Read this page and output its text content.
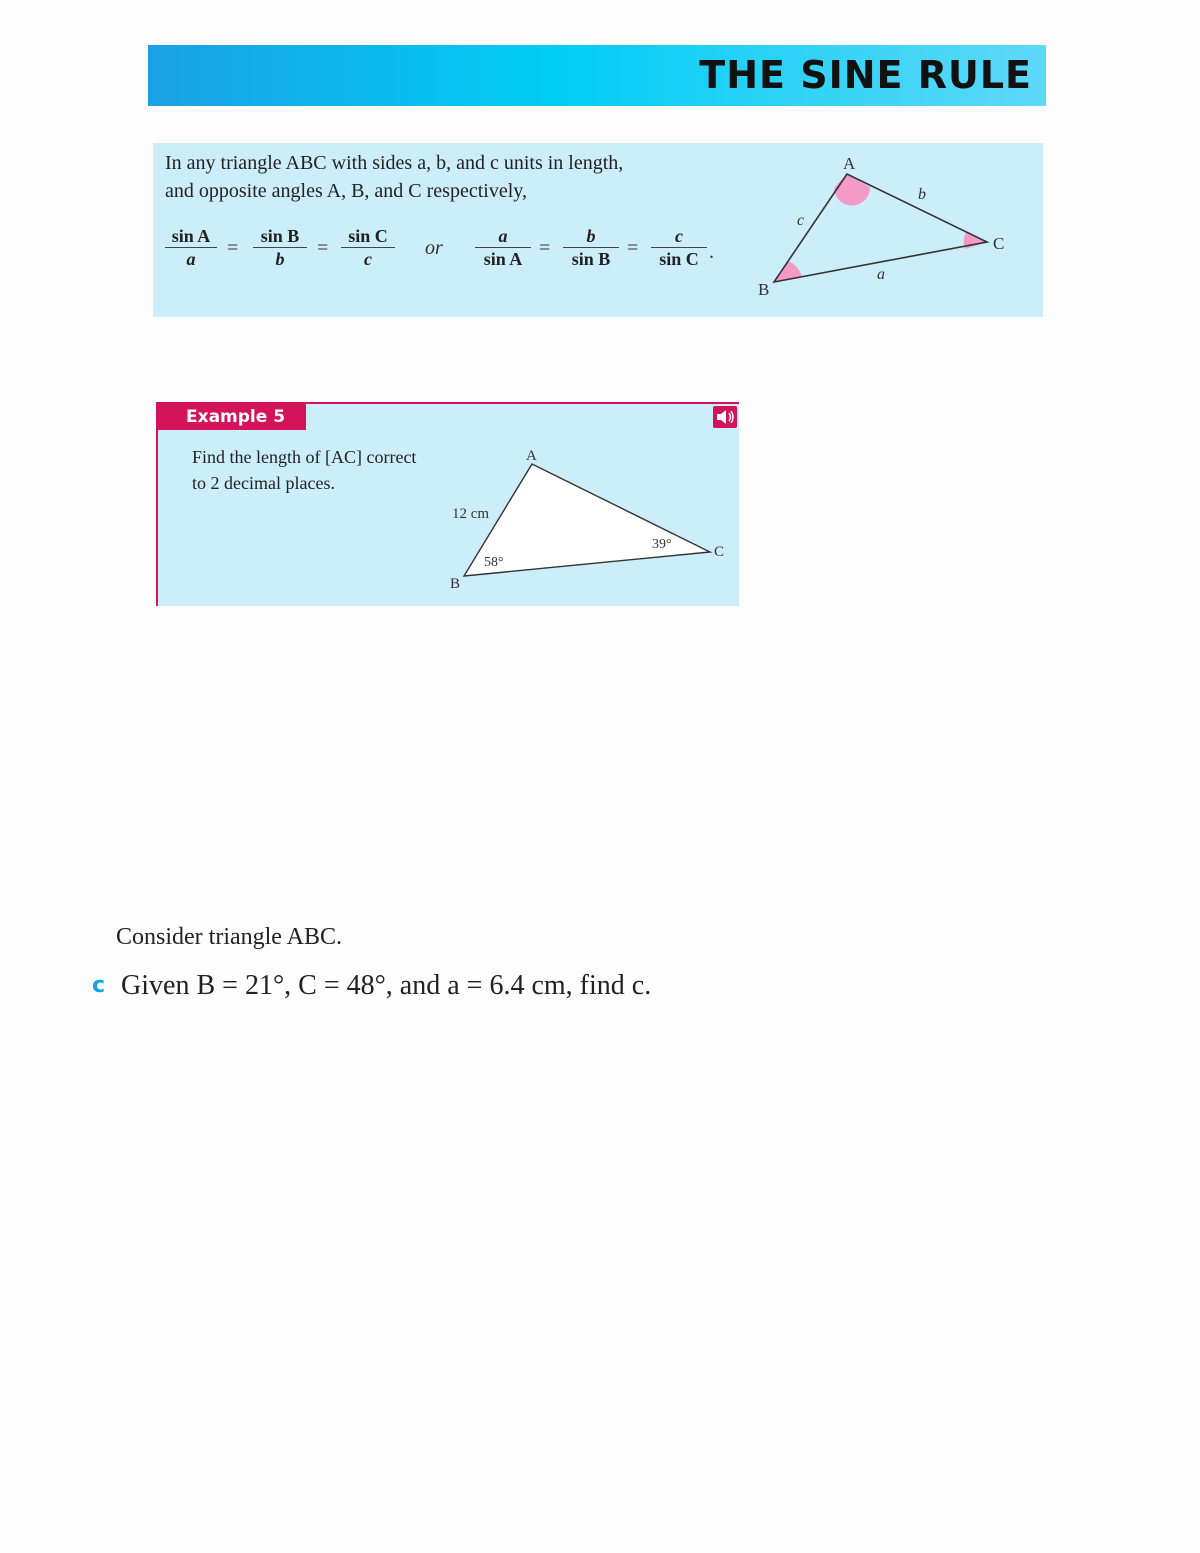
THE SINE RULE
In any triangle ABC with sides a, b, and c units in length,
and opposite angles A, B, and C respectively,
$\frac{\text{sin A}}{a} = \frac{\text{sin B}}{b} = \frac{\text{sin C}}{c}$ or $\frac{a}{\text{sin A}} = \frac{b}{\text{sin B}} = \frac{c}{\text{sin C}}$ .
A
B
C
a
b
c
Example 5
Find the length of [AC] correct
to 2 decimal places.
A
B
C
12 cm
58°
39°
Consider triangle ABC.
c Given B = 21°, C = 48°, and a = 6.4 cm, find c.
